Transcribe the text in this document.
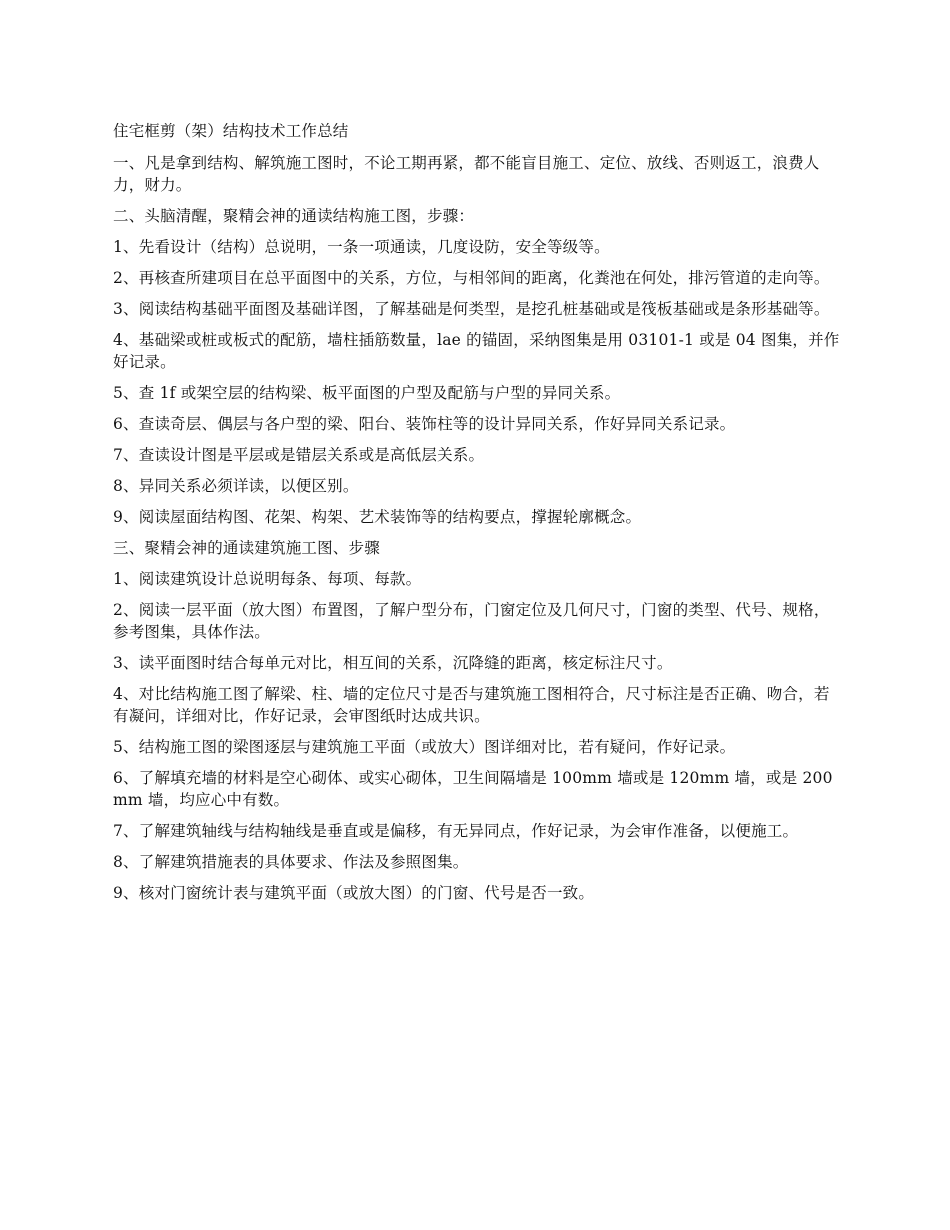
住宅框剪（架）结构技术工作总结

一、凡是拿到结构、解筑施工图时，不论工期再紧，都不能盲目施工、定位、放线、否则返工，浪费人力，财力。

二、头脑清醒，聚精会神的通读结构施工图，步骤：

1、先看设计（结构）总说明，一条一项通读，几度设防，安全等级等。

2、再核查所建项目在总平面图中的关系，方位，与相邻间的距离，化粪池在何处，排污管道的走向等。

3、阅读结构基础平面图及基础详图，了解基础是何类型，是挖孔桩基础或是筏板基础或是条形基础等。

4、基础梁或桩或板式的配筋，墙柱插筋数量，lae 的锚固，采纳图集是用 03101-1 或是 04 图集，并作好记录。

5、查 1f 或架空层的结构梁、板平面图的户型及配筋与户型的异同关系。

6、查读奇层、偶层与各户型的梁、阳台、装饰柱等的设计异同关系，作好异同关系记录。

7、查读设计图是平层或是错层关系或是高低层关系。

8、异同关系必须详读，以便区别。

9、阅读屋面结构图、花架、构架、艺术装饰等的结构要点，撑握轮廓概念。

三、聚精会神的通读建筑施工图、步骤

1、阅读建筑设计总说明每条、每项、每款。

2、阅读一层平面（放大图）布置图，了解户型分布，门窗定位及几何尺寸，门窗的类型、代号、规格，参考图集，具体作法。

3、读平面图时结合每单元对比，相互间的关系，沉降缝的距离，核定标注尺寸。

4、对比结构施工图了解梁、柱、墙的定位尺寸是否与建筑施工图相符合，尺寸标注是否正确、吻合，若有凝问，详细对比，作好记录，会审图纸时达成共识。

5、结构施工图的梁图逐层与建筑施工平面（或放大）图详细对比，若有疑问，作好记录。

6、了解填充墙的材料是空心砌体、或实心砌体，卫生间隔墙是 100mm 墙或是 120mm 墙，或是 200mm 墙，均应心中有数。

7、了解建筑轴线与结构轴线是垂直或是偏移，有无异同点，作好记录，为会审作准备，以便施工。

8、了解建筑措施表的具体要求、作法及参照图集。

9、核对门窗统计表与建筑平面（或放大图）的门窗、代号是否一致。
